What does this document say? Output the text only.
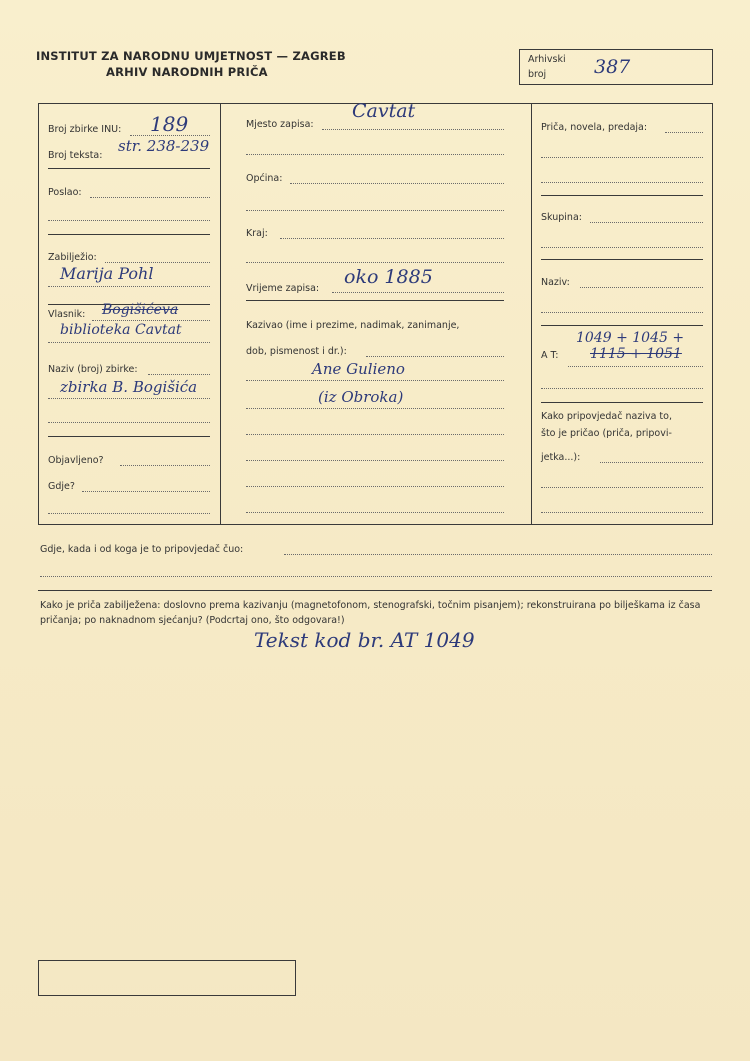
INSTITUT ZA NARODNU UMJETNOST — ZAGREB
ARHIV NARODNIH PRIČA
Arhivski
broj	387
Broj zbirke INU: 189
Broj teksta:
str. 238-239
Poslao:
Zabilježio:
Marija Pohl
Vlasnik: Bogišićeva
biblioteka Cavtat
Naziv (broj) zbirke:
zbirka B. Bogišića
Objavljeno?
Gdje?
Mjesto zapisa:
Cavtat
Općina:
Kraj:
Vrijeme zapisa:
oko 1885
Kazivao (ime i prezime, nadimak, zanimanje,
dob, pismenost i dr.):
Ane Gulieno
(iz Obroka)
Priča, novela, predaja:
Skupina:
Naziv:
1049 + 1045 +
A T: 1115 + 1051
Kako pripovjedač naziva to,
što je pričao (priča, pripovi-
jetka...):
Gdje, kada i od koga je to pripovjedač čuo:
Kako je priča zabilježena: doslovno prema kazivanju (magnetofonom, stenografski, točnim pisanjem); rekonstruirana po bilješkama iz časa pričanja; po naknadnom sjećanju? (Podcrtaj ono, što odgovara!)
Tekst kod br. AT 1049
